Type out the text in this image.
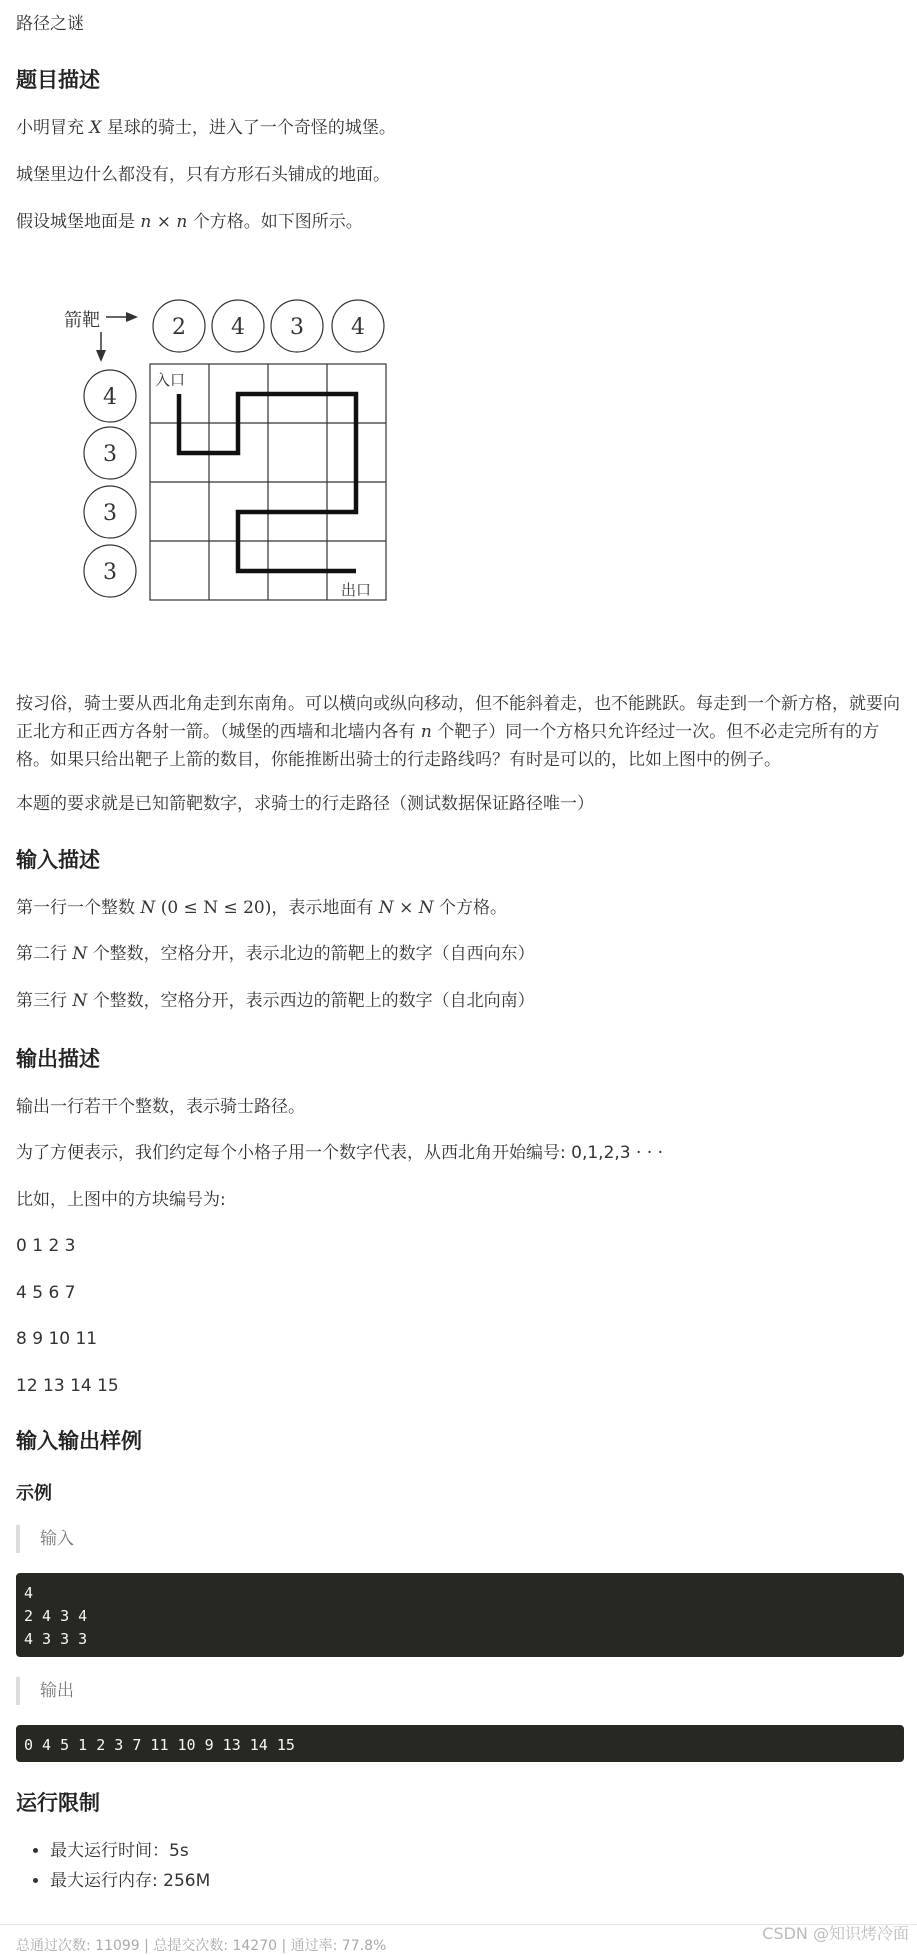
路径之谜
题目描述
小明冒充 X 星球的骑士，进入了一个奇怪的城堡。
城堡里边什么都没有，只有方形石头铺成的地面。
假设城堡地面是 n × n 个方格。如下图所示。
箭靶	2 4 3 4
4
3
3
3
入口
出口
按习俗，骑士要从西北角走到东南角。可以横向或纵向移动，但不能斜着走，也不能跳跃。每走到一个新方格，就要向正北方和正西方各射一箭。（城堡的西墙和北墙内各有 n 个靶子）同一个方格只允许经过一次。但不必走完所有的方格。如果只给出靶子上箭的数目，你能推断出骑士的行走路线吗？有时是可以的，比如上图中的例子。
本题的要求就是已知箭靶数字，求骑士的行走路径（测试数据保证路径唯一）
输入描述
第一行一个整数 N (0 ≤ N ≤ 20)，表示地面有 N × N 个方格。
第二行 N 个整数，空格分开，表示北边的箭靶上的数字（自西向东）
第三行 N 个整数，空格分开，表示西边的箭靶上的数字（自北向南）
输出描述
输出一行若干个整数，表示骑士路径。
为了方便表示，我们约定每个小格子用一个数字代表，从西北角开始编号: 0,1,2,3 · · ·
比如，上图中的方块编号为:
0 1 2 3
4 5 6 7
8 9 10 11
12 13 14 15
输入输出样例
示例
输入
4
2 4 3 4
4 3 3 3
输出
0 4 5 1 2 3 7 11 10 9 13 14 15
运行限制
• 最大运行时间：5s
• 最大运行内存: 256M
总通过次数: 11099 | 总提交次数: 14270 | 通过率: 77.8%
CSDN @知识烤冷面
